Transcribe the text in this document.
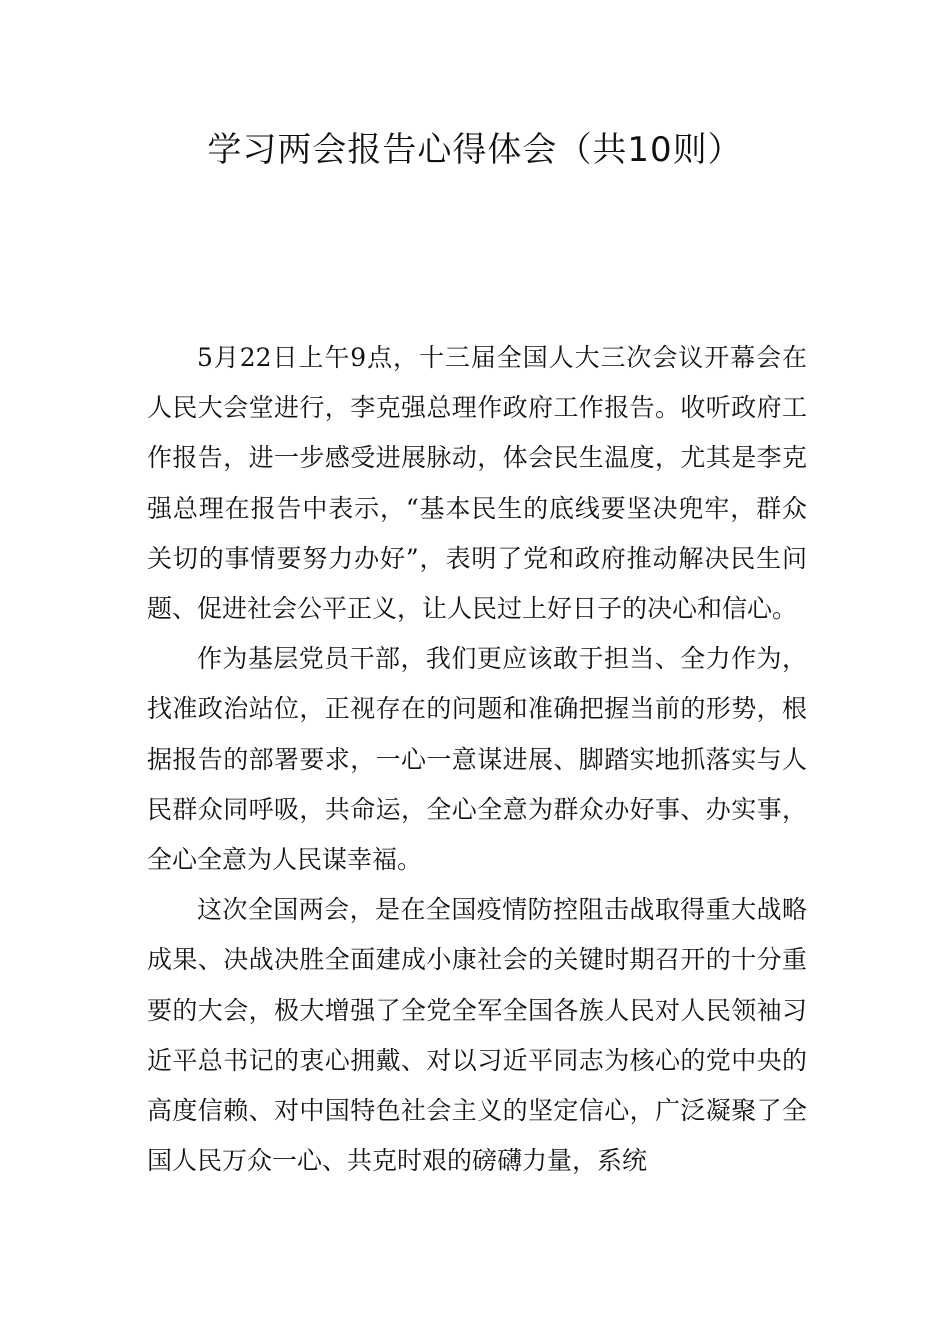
学习两会报告心得体会（共10则）

5月22日上午9点，十三届全国人大三次会议开幕会在人民大会堂进行，李克强总理作政府工作报告。收听政府工作报告，进一步感受进展脉动，体会民生温度，尤其是李克强总理在报告中表示，“基本民生的底线要坚决兜牢，群众关切的事情要努力办好”，表明了党和政府推动解决民生问题、促进社会公平正义，让人民过上好日子的决心和信心。

作为基层党员干部，我们更应该敢于担当、全力作为，找准政治站位，正视存在的问题和准确把握当前的形势，根据报告的部署要求，一心一意谋进展、脚踏实地抓落实与人民群众同呼吸，共命运，全心全意为群众办好事、办实事，全心全意为人民谋幸福。

这次全国两会，是在全国疫情防控阻击战取得重大战略成果、决战决胜全面建成小康社会的关键时期召开的十分重要的大会，极大增强了全党全军全国各族人民对人民领袖习近平总书记的衷心拥戴、对以习近平同志为核心的党中央的高度信赖、对中国特色社会主义的坚定信心，广泛凝聚了全国人民万众一心、共克时艰的磅礴力量，系统
